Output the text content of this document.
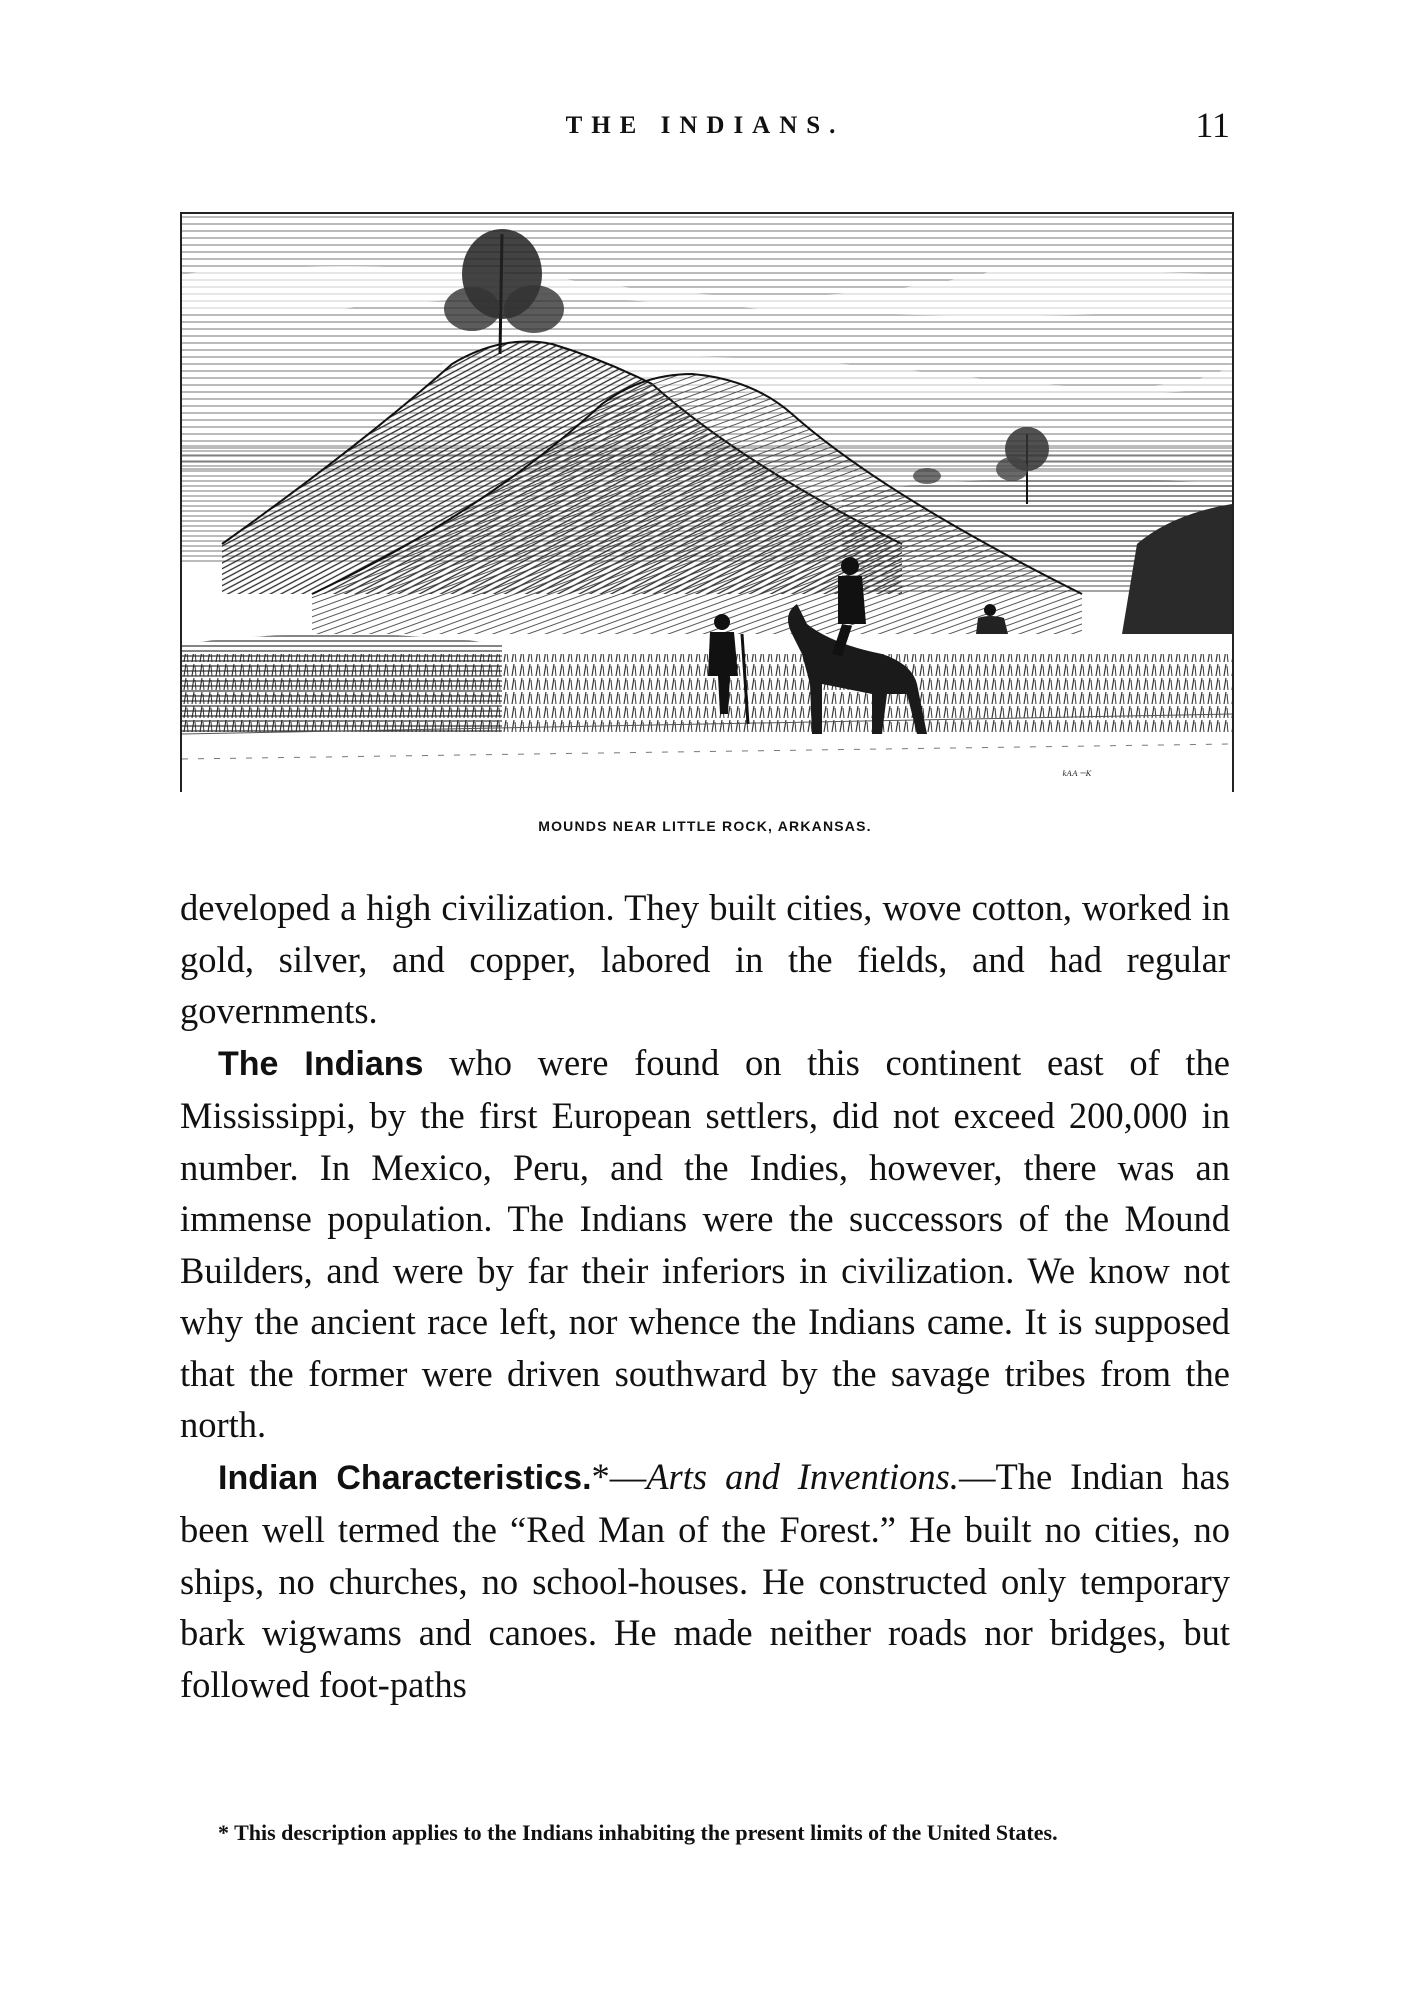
THE INDIANS.	11
ᵏᴬᴬ⁻ᴷ
MOUNDS NEAR LITTLE ROCK, ARKANSAS.

developed a high civilization. They built cities, wove cotton, worked in gold, silver, and copper, labored in the fields, and had regular governments.

The Indians who were found on this continent east of the Mississippi, by the first European settlers, did not exceed 200,000 in number. In Mexico, Peru, and the Indies, however, there was an immense population. The Indians were the successors of the Mound Builders, and were by far their inferiors in civilization. We know not why the ancient race left, nor whence the Indians came. It is supposed that the former were driven southward by the savage tribes from the north.

Indian Characteristics.*—Arts and Inventions.—The Indian has been well termed the “Red Man of the Forest.” He built no cities, no ships, no churches, no school-houses. He constructed only temporary bark wigwams and canoes. He made neither roads nor bridges, but followed foot-paths

* This description applies to the Indians inhabiting the present limits of the United States.
